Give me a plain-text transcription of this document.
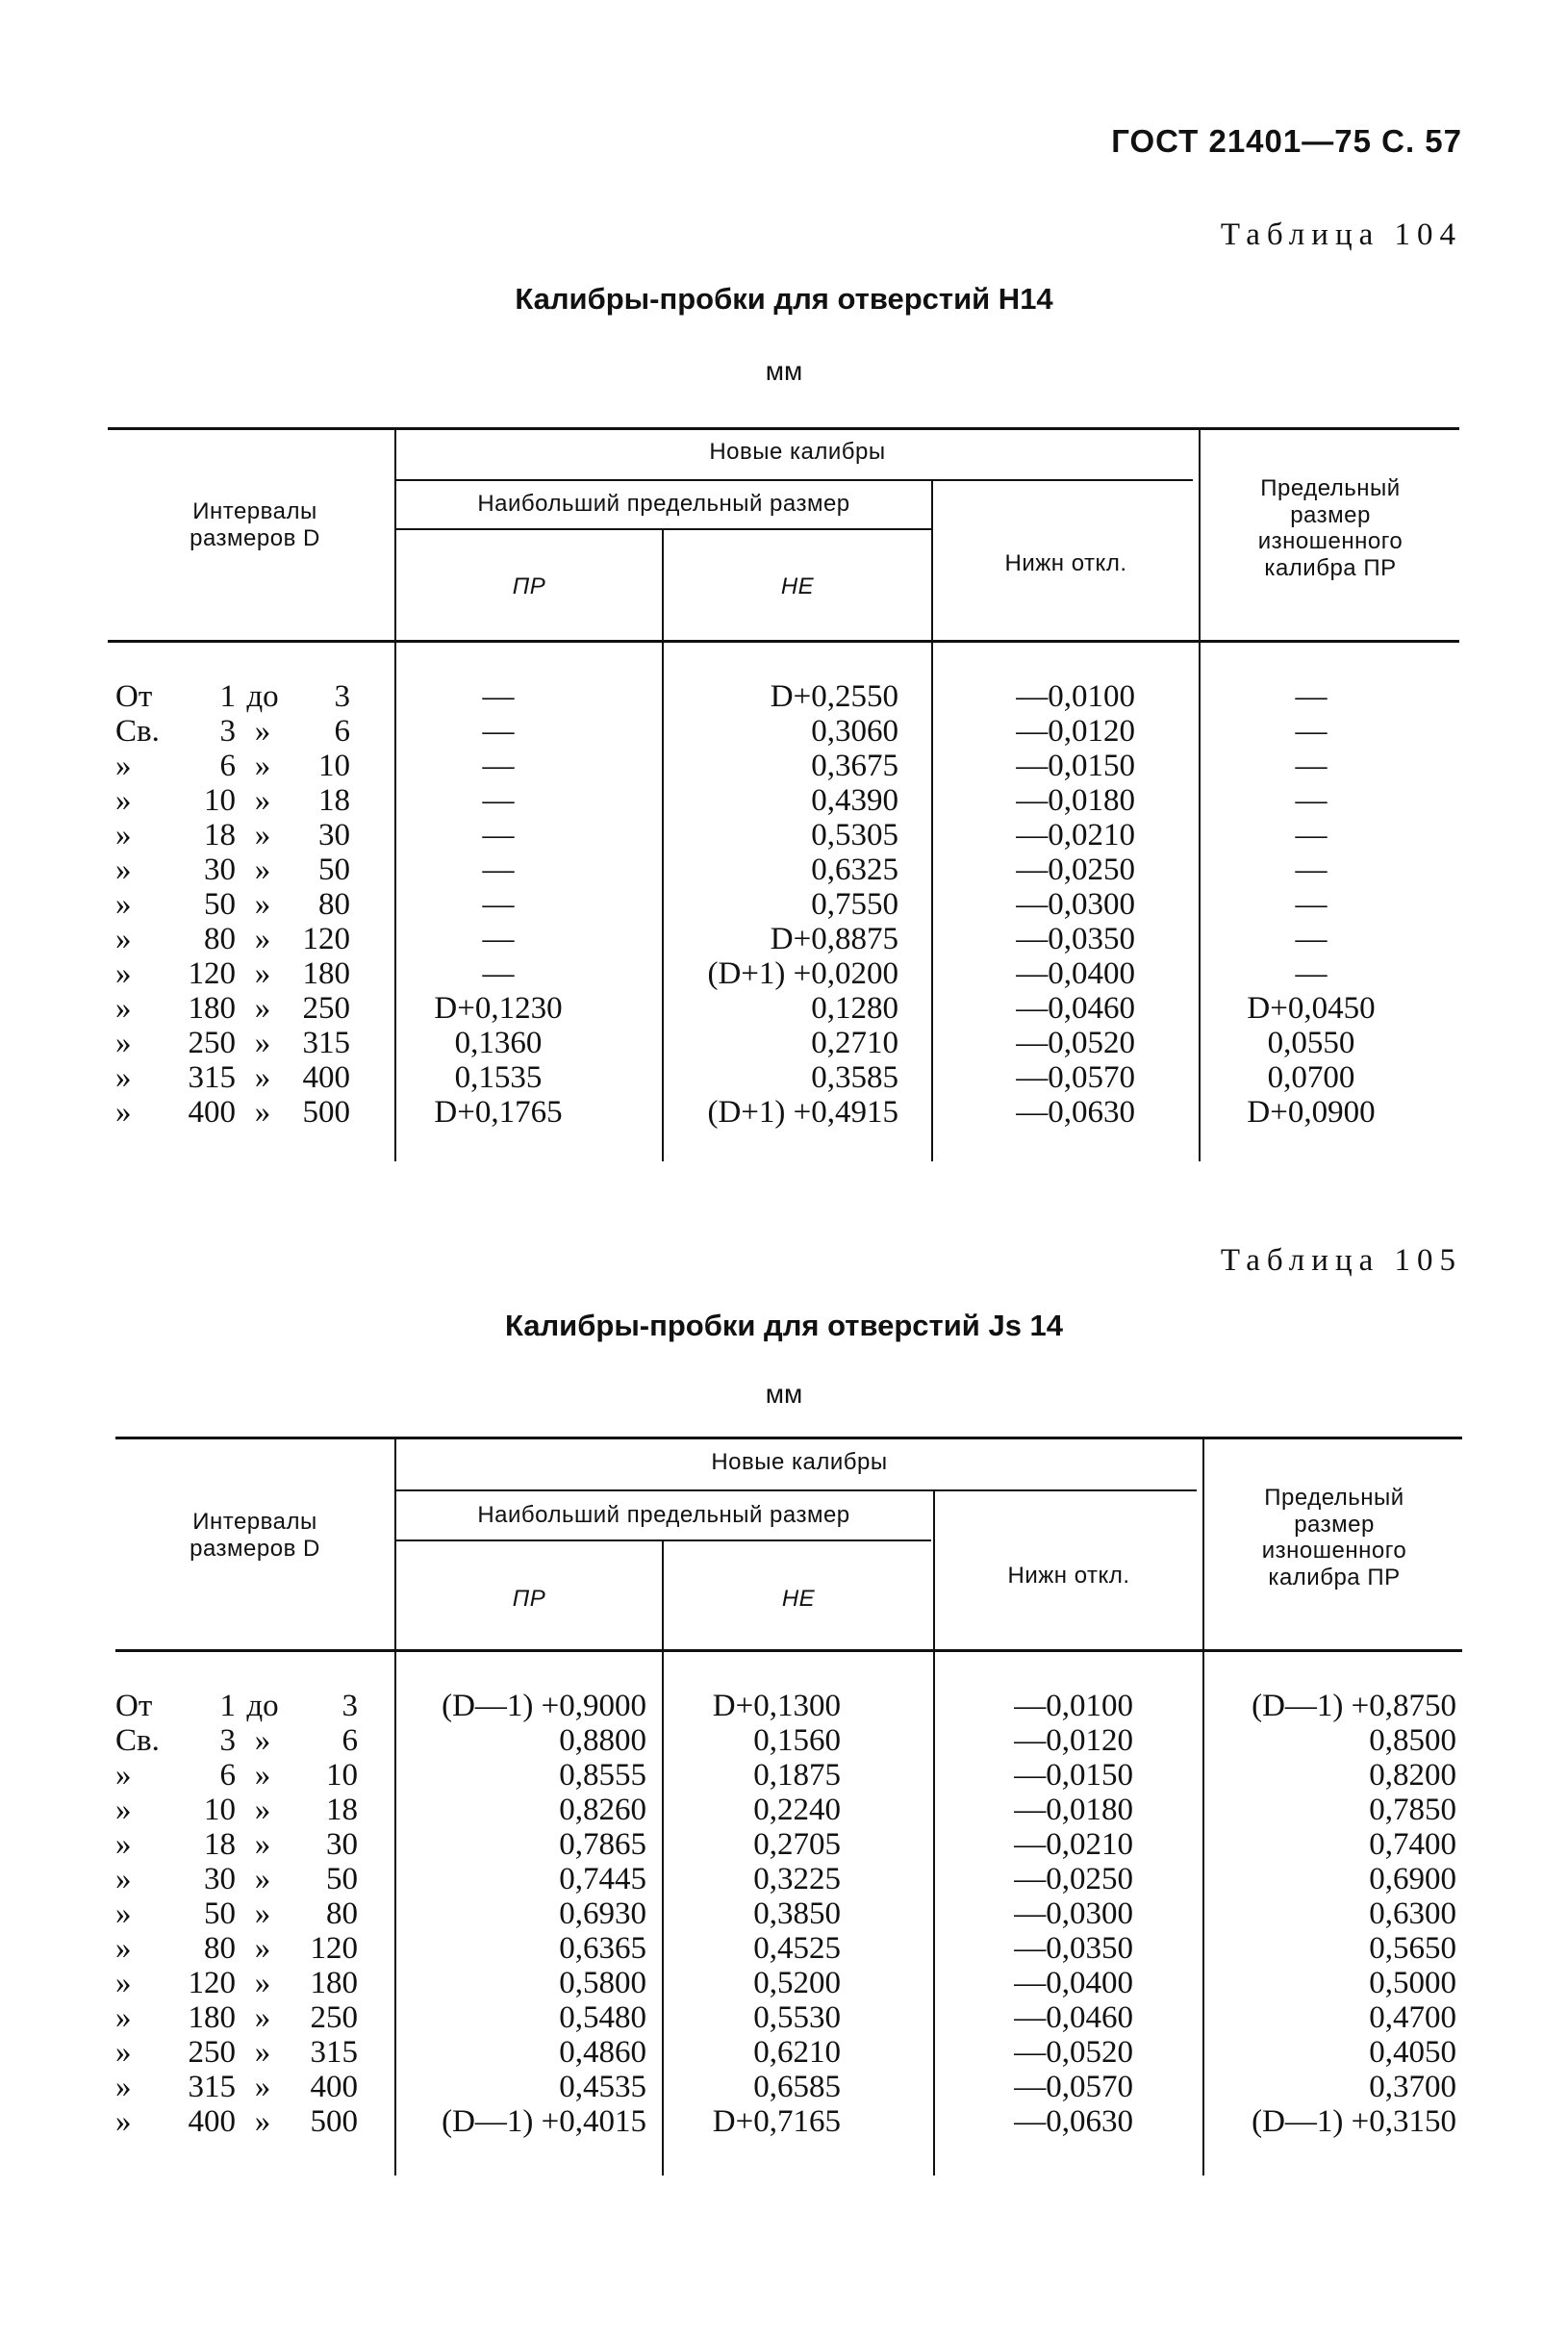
ГОСТ 21401—75 С. 57
Таблица 104
Калибры-пробки для отверстий Н14
мм
Интервалы размеров D
Новые калибры
Наибольший предельный размер
ПР	НЕ
Нижн откл.
Предельный размер изношенного калибра ПР
От	1 до	3	—	D+0,2550	—0,0100	—
Св.	3 »	6	—	0,3060	—0,0120	—
»	6 »	10	—	0,3675	—0,0150	—
»	10 »	18	—	0,4390	—0,0180	—
»	18 »	30	—	0,5305	—0,0210	—
»	30 »	50	—	0,6325	—0,0250	—
»	50 »	80	—	0,7550	—0,0300	—
»	80 »	120	—	D+0,8875	—0,0350	—
» 120 »	180	—	(D+1) +0,0200	—0,0400	—
» 180 »	250	D+0,1230	0,1280	—0,0460	D+0,0450
» 250 »	315	0,1360	0,2710	—0,0520	0,0550
» 315 »	400	0,1535	0,3585	—0,0570	0,0700
» 400 »	500	D+0,1765	(D+1) +0,4915	—0,0630	D+0,0900
Таблица 105
Калибры-пробки для отверстий Js 14
мм
Интервалы размеров D
Новые калибры
Наибольший предельный размер
ПР	НЕ
Нижн откл.
Предельный размер изношенного калибра ПР
От	1 до	3	(D—1) +0,9000	D+0,1300	—0,0100	(D—1) +0,8750
Св.	3 »	6	0,8800	0,1560	—0,0120	0,8500
»	6 »	10	0,8555	0,1875	—0,0150	0,8200
»	10 »	18	0,8260	0,2240	—0,0180	0,7850
»	18 »	30	0,7865	0,2705	—0,0210	0,7400
»	30 »	50	0,7445	0,3225	—0,0250	0,6900
»	50 »	80	0,6930	0,3850	—0,0300	0,6300
»	80 »	120	0,6365	0,4525	—0,0350	0,5650
» 120 »	180	0,5800	0,5200	—0,0400	0,5000
» 180 »	250	0,5480	0,5530	—0,0460	0,4700
» 250 »	315	0,4860	0,6210	—0,0520	0,4050
» 315 »	400	0,4535	0,6585	—0,0570	0,3700
» 400 »	500	(D—1) +0,4015	D+0,7165	—0,0630	(D—1) +0,3150
